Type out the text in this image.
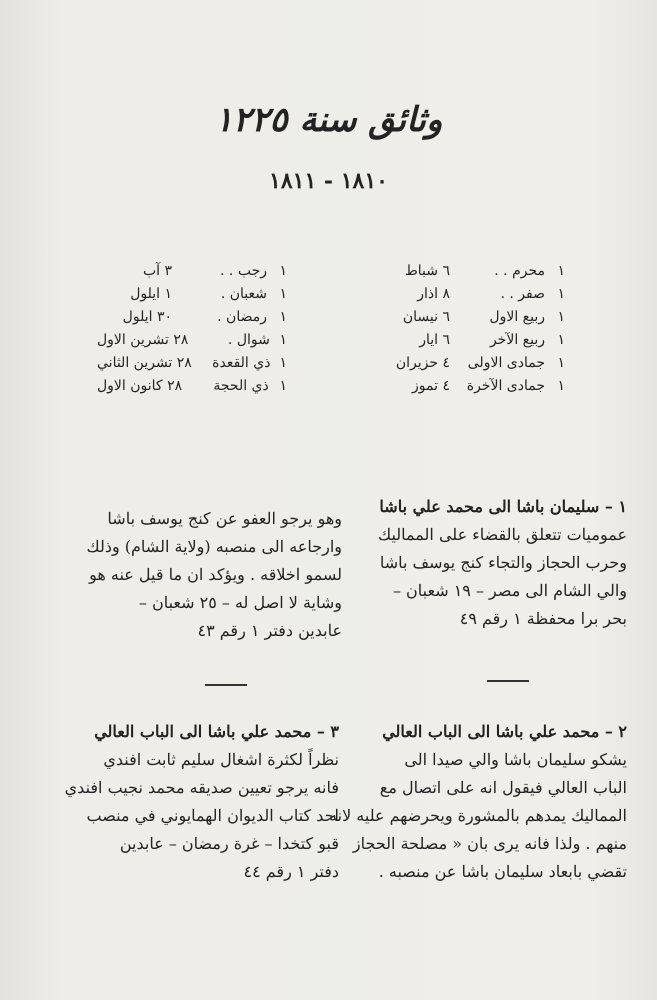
وثائق سنة ١٢٢٥
١٨١٠ - ١٨١١
١
محرم . .
٦ شباط
١
صفر . .
٨ اذار
١
ربيع الاول
٦ نيسان
١
ربيع الآخر
٦ ايار
١
جمادى الاولى
٤ حزيران
١
جمادى الآخرة
٤ تموز
١
رجب . .
٣ آب
١
شعبان .
١ ايلول
١
رمضان .
٣٠ ايلول
١
شوال .
٢٨ تشرين الاول
١
ذي القعدة
٢٨ تشرين الثاني
١
ذي الحجة
٢٨ كانون الاول

١ – سليمان باشا الى محمد علي باشا

عموميات تتعلق بالقضاء على المماليك

وحرب الحجاز والتجاء كنج يوسف باشا

والي الشام الى مصر – ١٩ شعبان –

بحر برا محفظة ١ رقم ٤٩

وهو يرجو العفو عن كنج يوسف باشا

وارجاعه الى منصبه (ولاية الشام) وذلك

لسمو اخلاقه . ويؤكد ان ما قيل عنه هو

وشاية لا اصل له – ٢٥ شعبان –

عابدين دفتر ١ رقم ٤٣

٢ – محمد علي باشا الى الباب العالي

يشكو سليمان باشا والي صيدا الى

الباب العالي فيقول انه على اتصال مع

المماليك يمدهم بالمشورة ويحرضهم عليه لانه

منهم . ولذا فانه يرى بان « مصلحة الحجاز

تقضي بابعاد سليمان باشا عن منصبه .

٣ – محمد علي باشا الى الباب العالي

نظراً لكثرة اشغال سليم ثابت افندي

فانه يرجو تعيين صديقه محمد نجيب افندي

احد كتاب الديوان الهمايوني في منصب

قبو كتخدا – غرة رمضان – عابدين

دفتر ١ رقم ٤٤
